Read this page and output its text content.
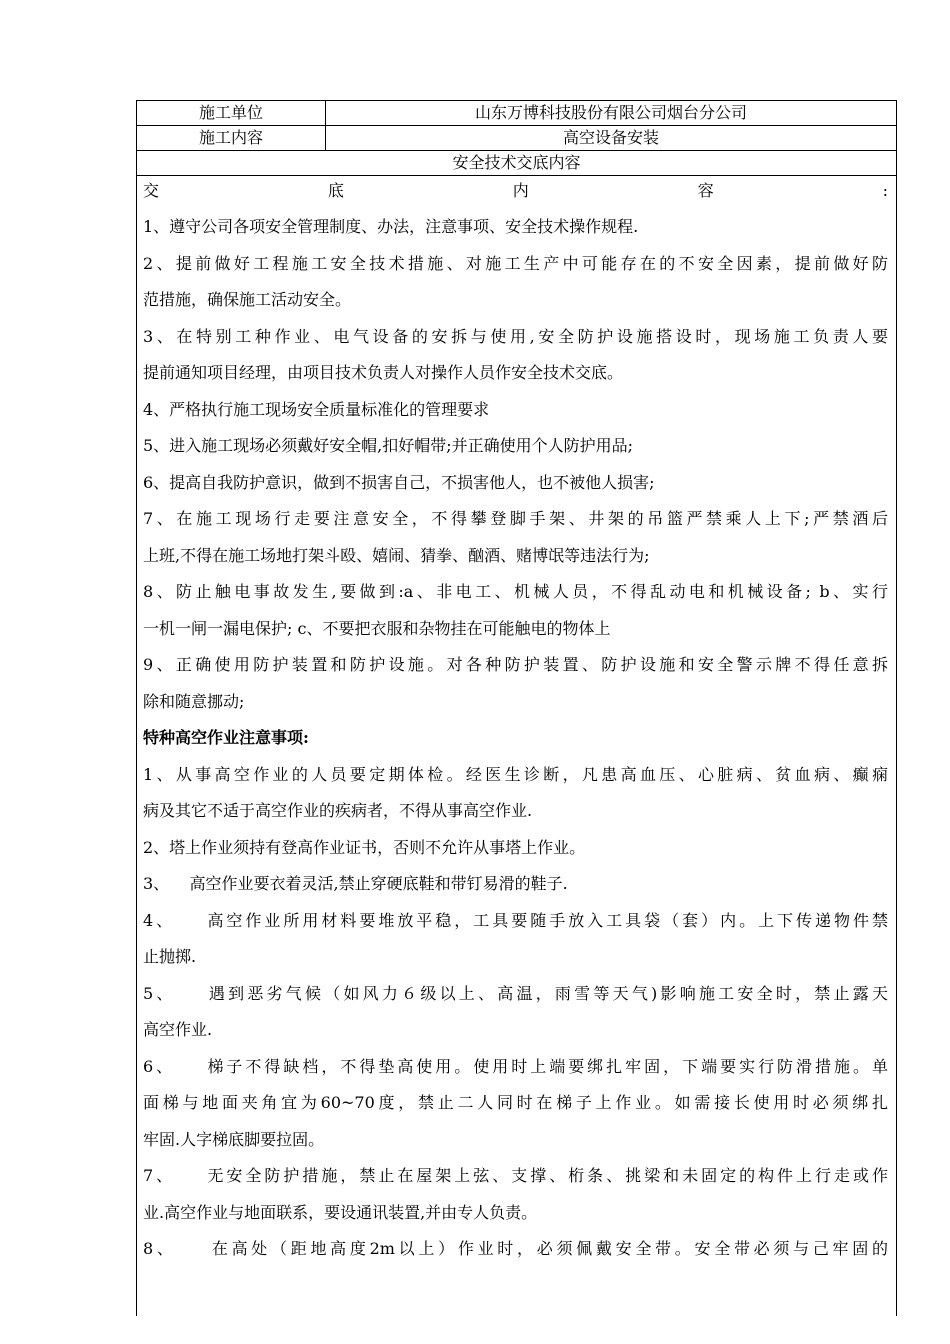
施工单位	山东万博科技股份有限公司烟台分公司
施工内容	高空设备安装
安全技术交底内容	
交底内容:
1、遵守公司各项安全管理制度、办法，注意事项、安全技术操作规程.
2、提前做好工程施工安全技术措施、对施工生产中可能存在的不安全因素，提前做好防
范措施，确保施工活动安全。
3、在特别工种作业、电气设备的安拆与使用,安全防护设施搭设时，现场施工负责人要
提前通知项目经理，由项目技术负责人对操作人员作安全技术交底。
4、严格执行施工现场安全质量标准化的管理要求
5、进入施工现场必须戴好安全帽,扣好帽带;并正确使用个人防护用品;
6、提高自我防护意识，做到不损害自己，不损害他人，也不被他人损害;
7、在施工现场行走要注意安全，不得攀登脚手架、井架的吊篮严禁乘人上下;严禁酒后
上班,不得在施工场地打架斗殴、嬉闹、猜拳、酗酒、赌博氓等违法行为;
8、防止触电事故发生,要做到:a、非电工、机械人员，不得乱动电和机械设备; b、实行
一机一闸一漏电保护; c、不要把衣服和杂物挂在可能触电的物体上
9、正确使用防护装置和防护设施。对各种防护装置、防护设施和安全警示牌不得任意拆
除和随意挪动;
特种高空作业注意事项:
1、从事高空作业的人员要定期体检。经医生诊断，凡患高血压、心脏病、贫血病、癫痫
病及其它不适于高空作业的疾病者，不得从事高空作业.
2、塔上作业须持有登高作业证书，否则不允许从事塔上作业。
3、    高空作业要衣着灵活,禁止穿硬底鞋和带钉易滑的鞋子.
4、    高空作业所用材料要堆放平稳，工具要随手放入工具袋（套）内。上下传递物件禁
止抛掷.
5、    遇到恶劣气候（如风力６级以上、高温，雨雪等天气)影响施工安全时，禁止露天
高空作业.
6、    梯子不得缺档，不得垫高使用。使用时上端要绑扎牢固，下端要实行防滑措施。单
面梯与地面夹角宜为60~70度，禁止二人同时在梯子上作业。如需接长使用时必须绑扎
牢固.人字梯底脚要拉固。
7、    无安全防护措施，禁止在屋架上弦、支撑、桁条、挑梁和未固定的构件上行走或作
业.高空作业与地面联系，要设通讯装置,并由专人负责。
8、    在高处（距地高度2m以上）作业时，必须佩戴安全带。安全带必须与己牢固的
